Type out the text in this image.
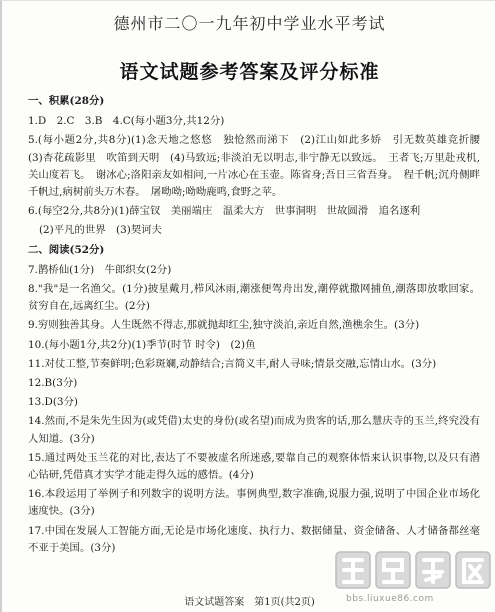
德州市二〇一九年初中学业水平考试
语文试题参考答案及评分标准

一、积累(28分)

1.D　2.C　3.B　4.C(每小题3分,共12分)

5.(每小题2分,共8分)(1)念天地之悠悠　独怆然而涕下　(2)江山如此多娇　引无数英雄竞折腰　(3)杏花疏影里　吹笛到天明　(4)马致远;非淡泊无以明志,非宁静无以致远。　王者飞;万里赴戎机,关山度若飞。　谢冰心;洛阳亲友如相问,一片冰心在玉壶。陈省身;吾日三省吾身。　程千帆;沉舟侧畔千帆过,病树前头万木春。　屠呦呦;呦呦鹿鸣,食野之苹。

6.(每空2分,共8分)(1)薛宝钗　美丽端庄　温柔大方　世事洞明　世故圆滑　追名逐利

(2)平凡的世界　(3)契诃夫

二、阅读(52分)

7.鹊桥仙(1分)　牛郎织女(2分)

8."我"是一名渔父。(1分)披星戴月,栉风沐雨,潮涨便驾舟出发,潮停就撒网捕鱼,潮落即放歌回家。贫穷自在,远离红尘。(2分)

9.穷则独善其身。人生既然不得志,那就抛却红尘,独守淡泊,亲近自然,渔樵余生。(3分)

10.(每小题1分,共2分)(1)季节(时节 时令)　(2)鱼

11.对仗工整,节奏鲜明;色彩斑斓,动静结合;言简义丰,耐人寻味;情景交融,忘情山水。(3分)

12.B(3分)

13.D(3分)

14.然而,不是朱先生因为(或凭借)太史的身份(或名望)而成为贵客的话,那么慧庆寺的玉兰,终究没有人知道。(3分)

15.通过两处玉兰花的对比,表达了不要被虚名所迷惑,要靠自己的观察体悟来认识事物,以及只有潜心钻研,凭借真才实学才能走得久远的感悟。(4分)

16.本段运用了举例子和列数字的说明方法。事例典型,数字准确,说服力强,说明了中国企业市场化速度快。(3分)

17.中国在发展人工智能方面,无论是市场化速度、执行力、数据储量、资金储备、人才储备都丝毫不亚于美国。(3分)

语文试题答案　第1页(共2页)	bbs.liuxue86.com
